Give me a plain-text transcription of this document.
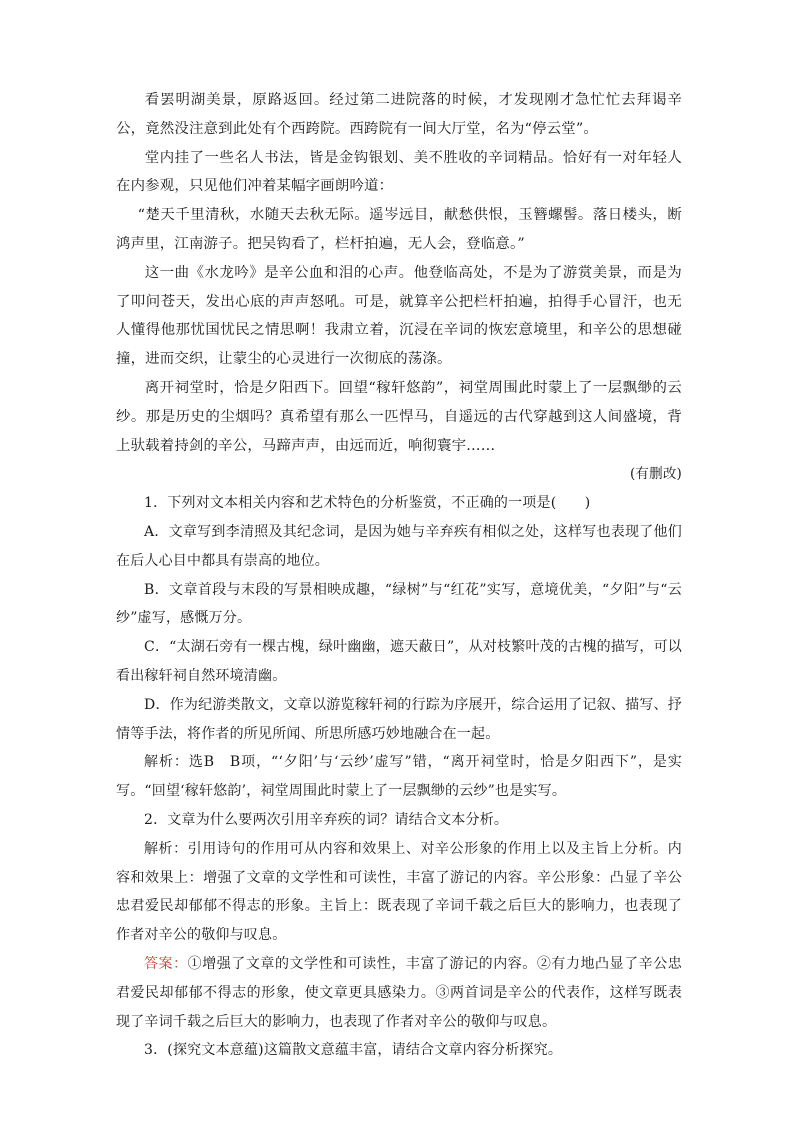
看罢明湖美景，原路返回。经过第二进院落的时候，才发现刚才急忙忙去拜谒辛公，竟然没注意到此处有个西跨院。西跨院有一间大厅堂，名为“停云堂”。

堂内挂了一些名人书法，皆是金钩银划、美不胜收的辛词精品。恰好有一对年轻人在内参观，只见他们冲着某幅字画朗吟道：

“楚天千里清秋，水随天去秋无际。遥岑远目，献愁供恨，玉簪螺髻。落日楼头，断鸿声里，江南游子。把吴钩看了，栏杆拍遍，无人会，登临意。”

这一曲《水龙吟》是辛公血和泪的心声。他登临高处，不是为了游赏美景，而是为了叩问苍天，发出心底的声声怒吼。可是，就算辛公把栏杆拍遍，拍得手心冒汗，也无人懂得他那忧国忧民之情思啊！我肃立着，沉浸在辛词的恢宏意境里，和辛公的思想碰撞，进而交织，让蒙尘的心灵进行一次彻底的荡涤。

离开祠堂时，恰是夕阳西下。回望“稼轩悠韵”，祠堂周围此时蒙上了一层飘缈的云纱。那是历史的尘烟吗？真希望有那么一匹悍马，自遥远的古代穿越到这人间盛境，背上驮载着持剑的辛公，马蹄声声，由远而近，响彻寰宇……

(有删改)

1．下列对文本相关内容和艺术特色的分析鉴赏，不正确的一项是(　　)

A．文章写到李清照及其纪念词，是因为她与辛弃疾有相似之处，这样写也表现了他们在后人心目中都具有崇高的地位。

B．文章首段与末段的写景相映成趣，“绿树”与“红花”实写，意境优美，“夕阳”与“云纱”虚写，感慨万分。

C．“太湖石旁有一棵古槐，绿叶幽幽，遮天蔽日”，从对枝繁叶茂的古槐的描写，可以看出稼轩祠自然环境清幽。

D．作为纪游类散文，文章以游览稼轩祠的行踪为序展开，综合运用了记叙、描写、抒情等手法，将作者的所见所闻、所思所感巧妙地融合在一起。

解析：选B　B项，“‘夕阳’与‘云纱’虚写”错，“离开祠堂时，恰是夕阳西下”，是实写。“回望‘稼轩悠韵’，祠堂周围此时蒙上了一层飘缈的云纱”也是实写。

2．文章为什么要两次引用辛弃疾的词？请结合文本分析。

解析：引用诗句的作用可从内容和效果上、对辛公形象的作用上以及主旨上分析。内容和效果上：增强了文章的文学性和可读性，丰富了游记的内容。辛公形象：凸显了辛公忠君爱民却郁郁不得志的形象。主旨上：既表现了辛词千载之后巨大的影响力，也表现了作者对辛公的敬仰与叹息。

答案：①增强了文章的文学性和可读性，丰富了游记的内容。②有力地凸显了辛公忠君爱民却郁郁不得志的形象，使文章更具感染力。③两首词是辛公的代表作，这样写既表现了辛词千载之后巨大的影响力，也表现了作者对辛公的敬仰与叹息。

3．(探究文本意蕴)这篇散文意蕴丰富，请结合文章内容分析探究。
